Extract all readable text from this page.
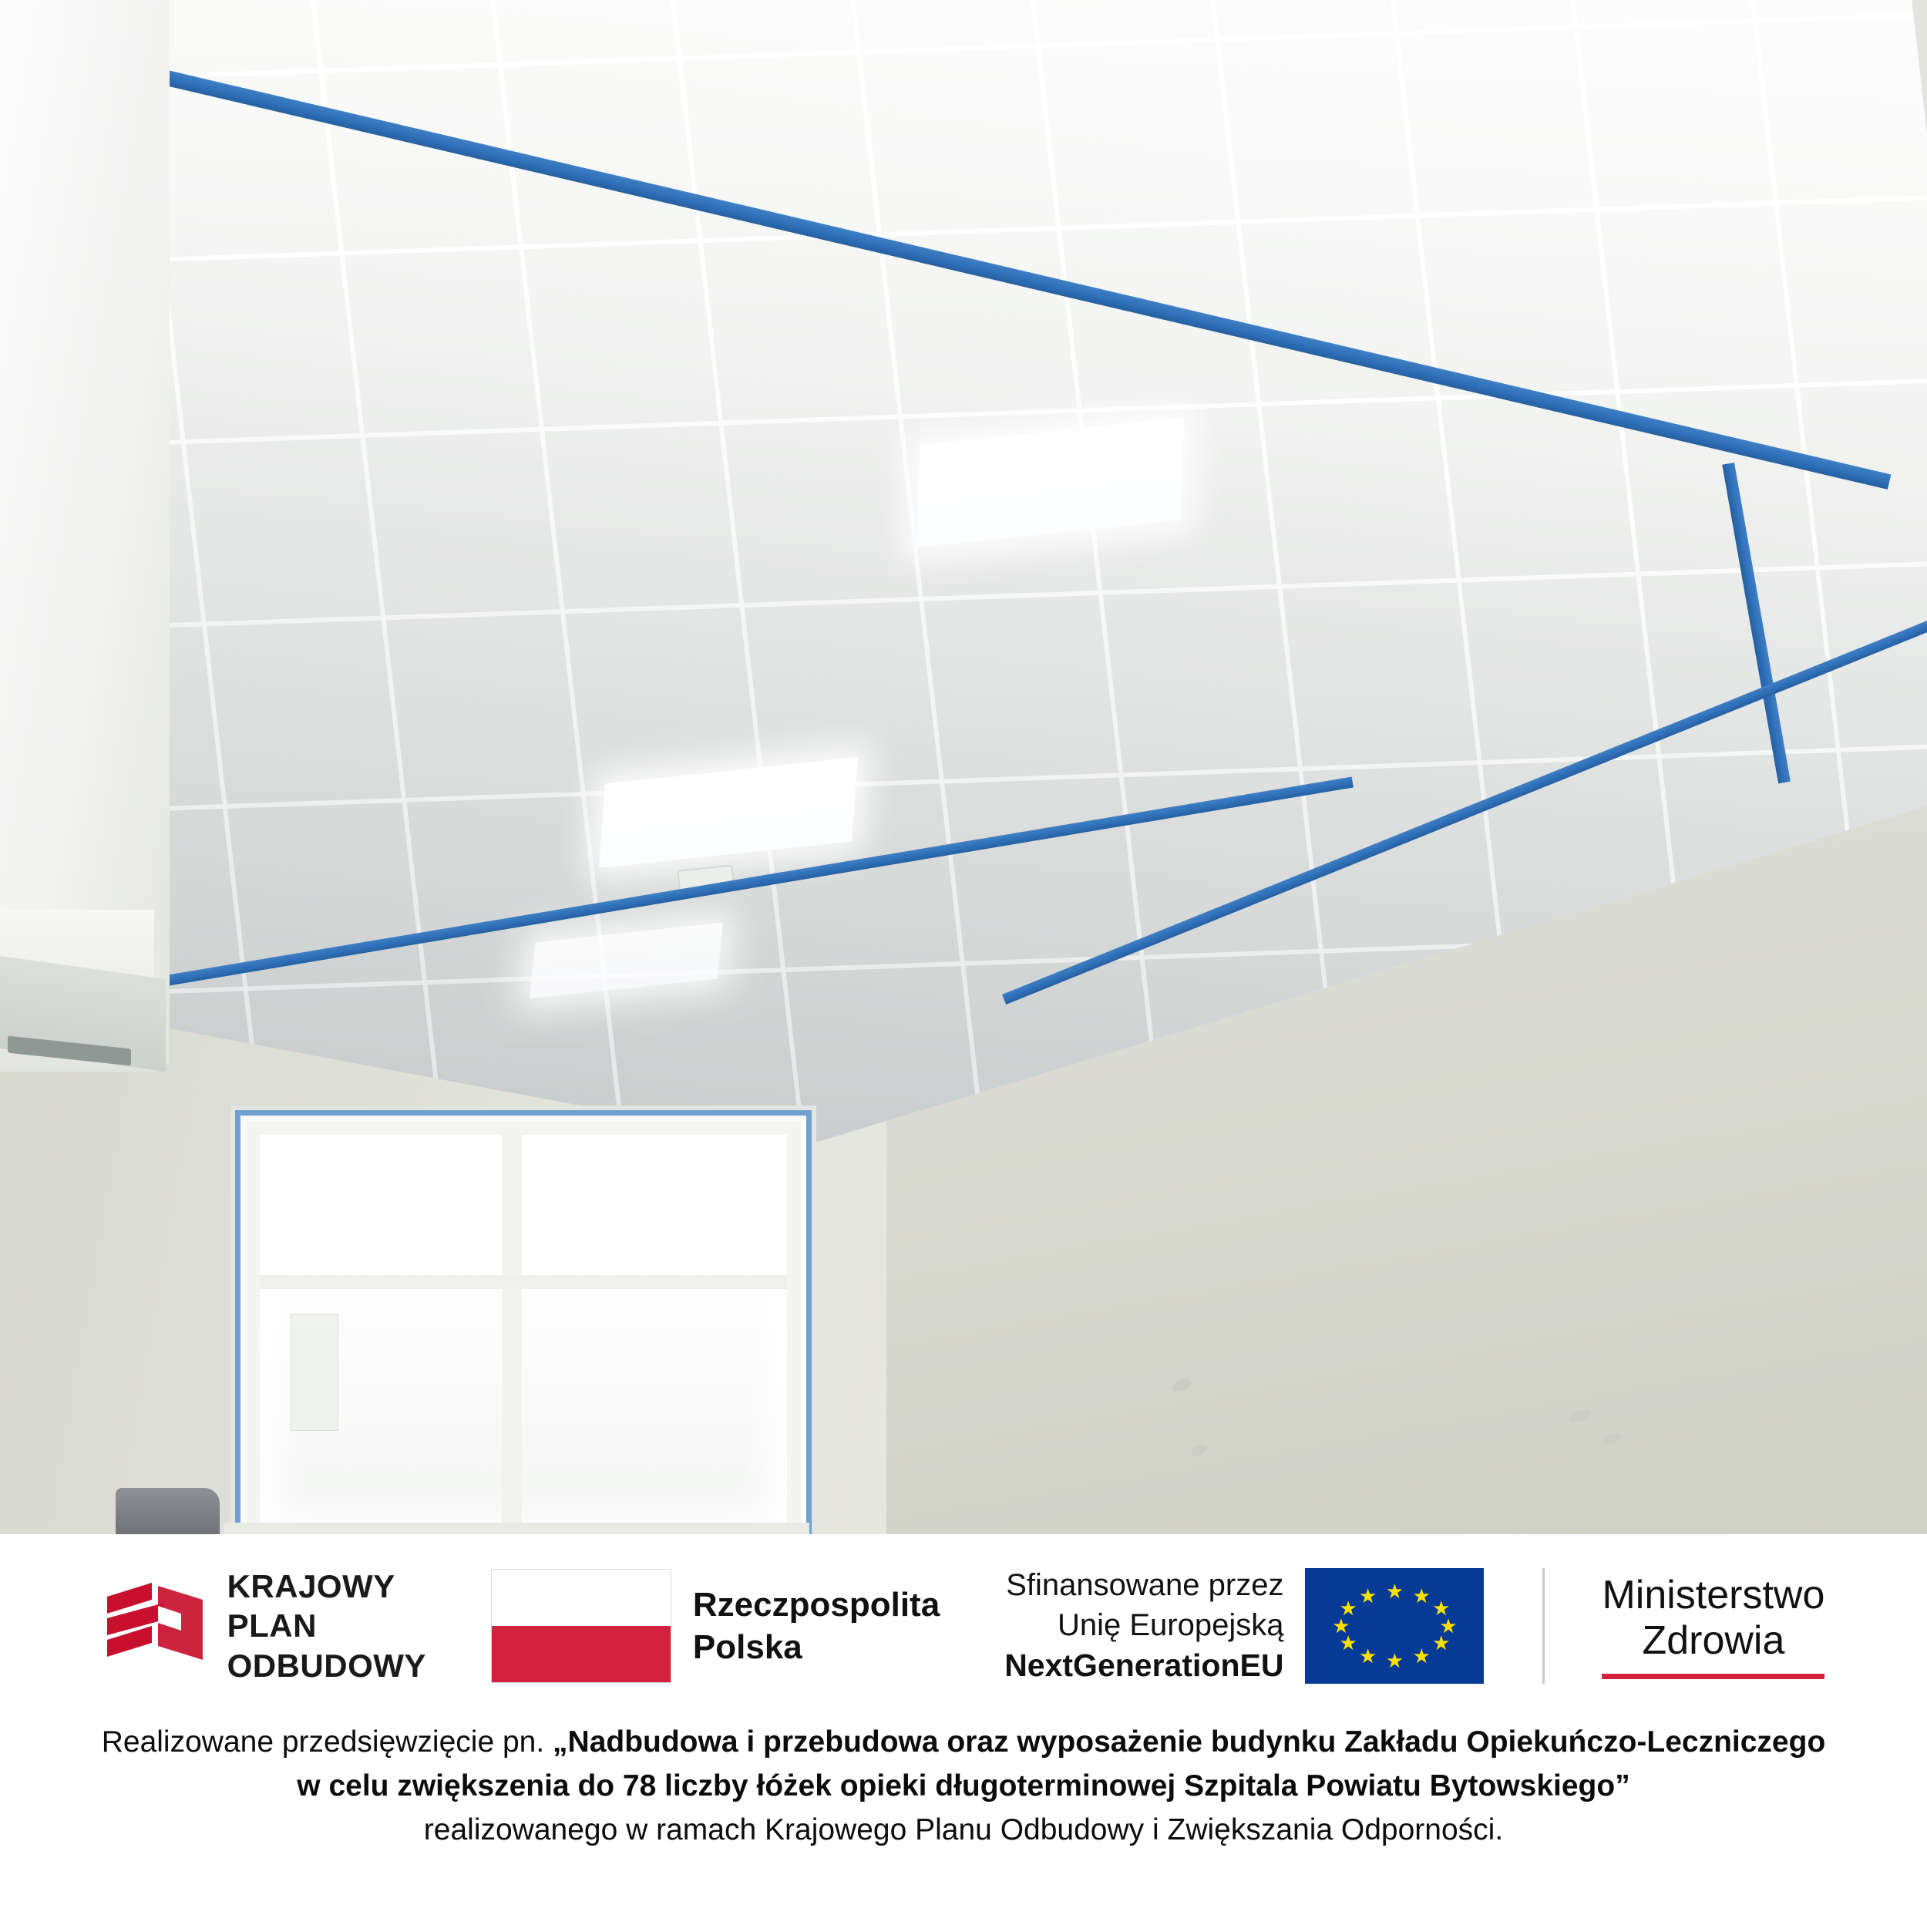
KRAJOWY
PLAN
ODBUDOWY
Rzeczpospolita
Polska
Sfinansowane przez
Unię Europejską
NextGenerationEU
★ ★
★
★
★
★
★
★
★
★
★
★	Ministerstwo
Zdrowia
Realizowane przedsięwzięcie pn. „Nadbudowa i przebudowa oraz wyposażenie budynku Zakładu Opiekuńczo-Leczniczego
w celu zwiększenia do 78 liczby łóżek opieki długoterminowej Szpitala Powiatu Bytowskiego”
realizowanego w ramach Krajowego Planu Odbudowy i Zwiększania Odporności.
